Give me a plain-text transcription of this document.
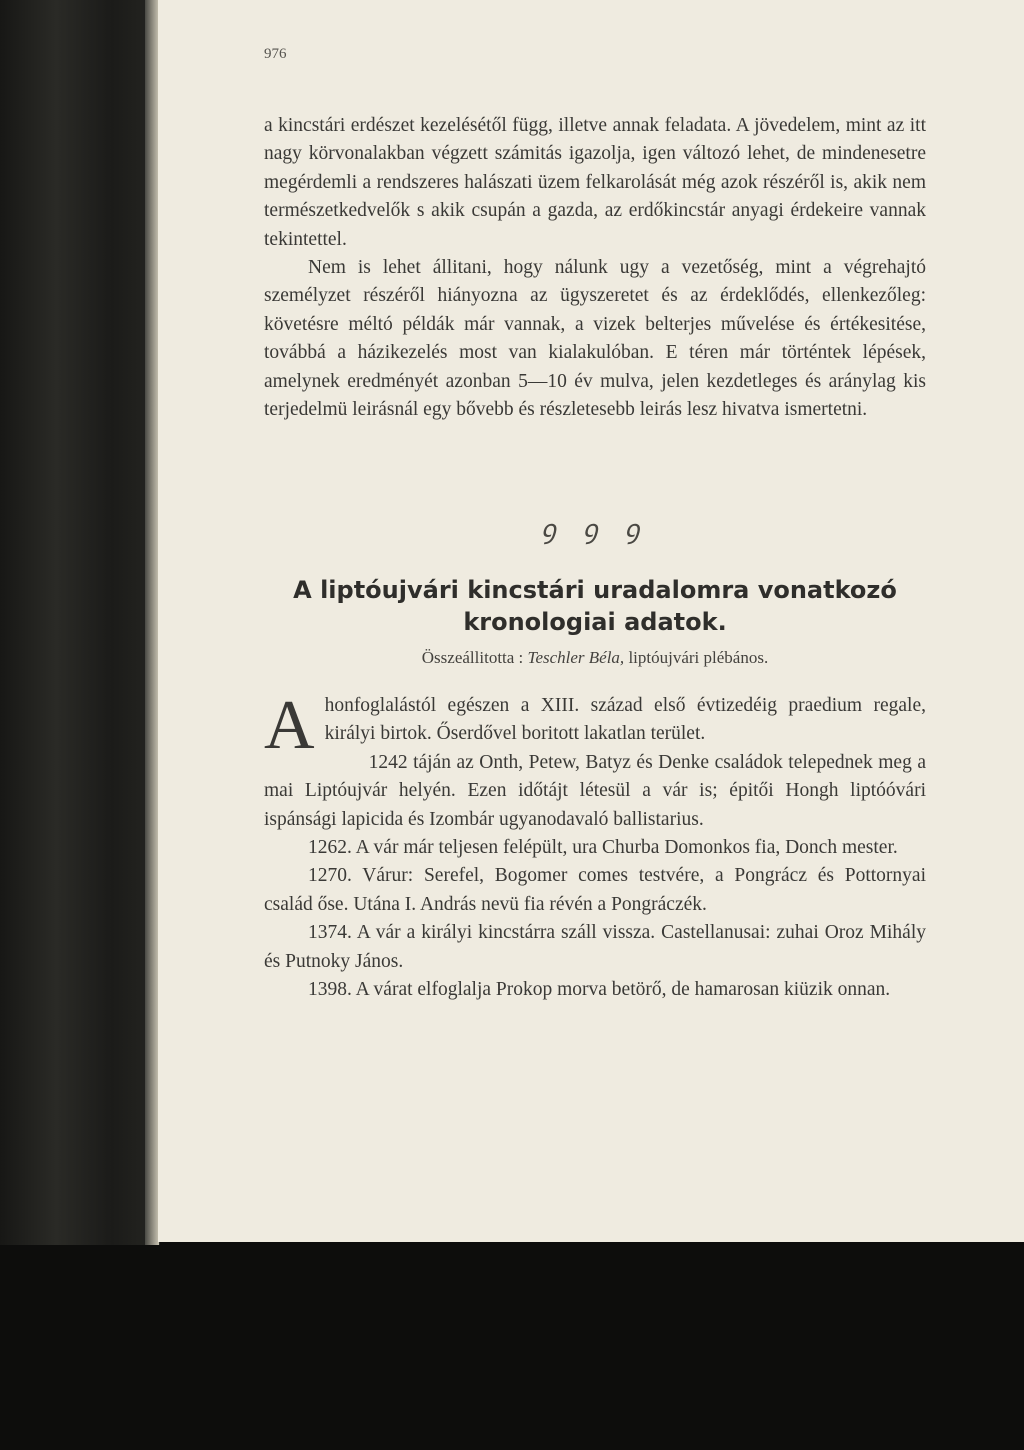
976

a kincstári erdészet kezelésétől függ, illetve annak feladata. A jövedelem, mint az itt nagy körvonalakban végzett számitás igazolja, igen változó lehet, de mindenesetre megérdemli a rendszeres halászati üzem felkarolását még azok részéről is, akik nem természetkedvelők s akik csupán a gazda, az erdőkincstár anyagi érdekeire vannak tekintettel.

Nem is lehet állitani, hogy nálunk ugy a vezetőség, mint a végrehajtó személyzet részéről hiányozna az ügyszeretet és az érdeklődés, ellenkezőleg: követésre méltó példák már vannak, a vizek belterjes művelése és értékesitése, továbbá a házikezelés most van kialakulóban. E téren már történtek lépések, amelynek eredményét azonban 5—10 év mulva, jelen kezdetleges és aránylag kis terjedelmü leirásnál egy bővebb és részletesebb leirás lesz hivatva ismertetni.

ꝯ ꝯ ꝯ
A liptóujvári kincstári uradalomra vonatkozó
kronologiai adatok.
Összeállitotta : Teschler Béla, liptóujvári plébános.

Ahonfoglalástól egészen a XIII. század első évtizedéig praedium regale, királyi birtok. Őserdővel boritott lakatlan terület.

1242 táján az Onth, Petew, Batyz és Denke családok telepednek meg a mai Liptóujvár helyén. Ezen időtájt létesül a vár is; épitői Hongh liptóóvári ispánsági lapicida és Izombár ugyanodavaló ballistarius.

1262. A vár már teljesen felépült, ura Churba Domonkos fia, Donch mester.

1270. Várur: Serefel, Bogomer comes testvére, a Pongrácz és Pottornyai család őse. Utána I. András nevü fia révén a Pongráczék.

1374. A vár a királyi kincstárra száll vissza. Castellanusai: zuhai Oroz Mihály és Putnoky János.

1398. A várat elfoglalja Prokop morva betörő, de hamarosan kiüzik onnan.
